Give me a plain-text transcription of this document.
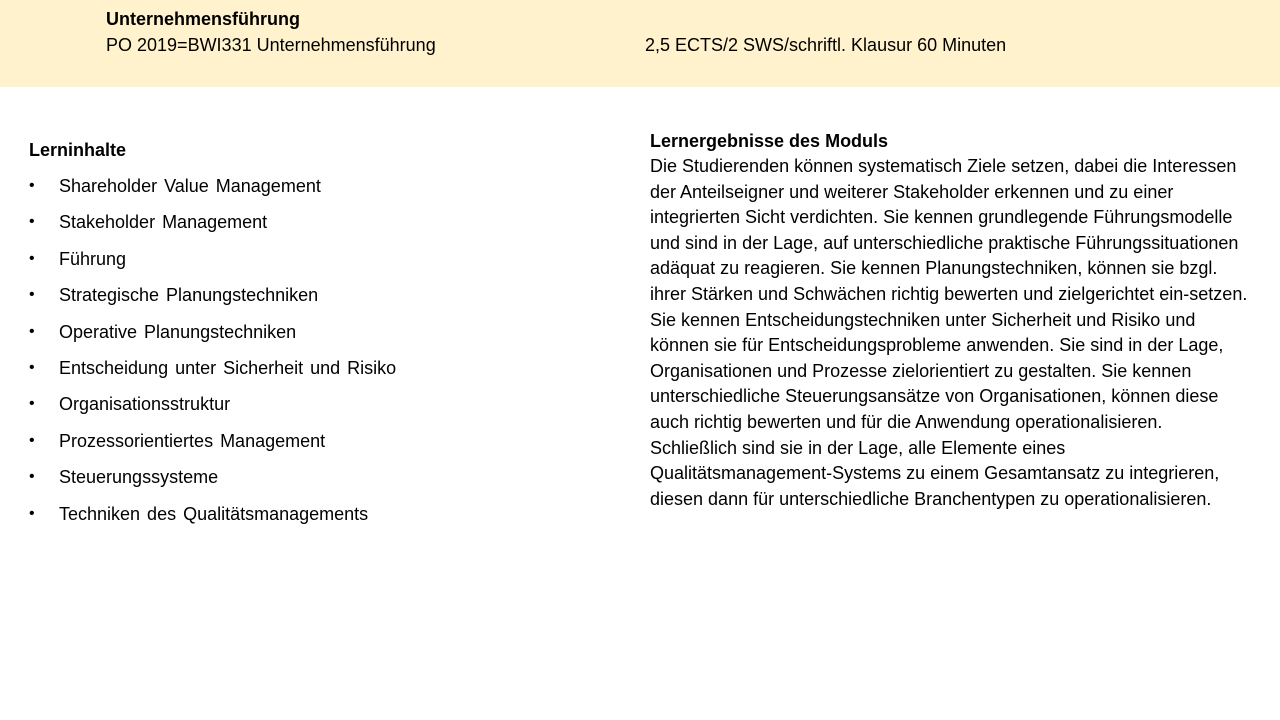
Unternehmensführung
PO 2019=BWI331 Unternehmensführung	2,5 ECTS/2 SWS/schriftl. Klausur 60 Minuten
Lerninhalte
• Shareholder Value Management
• Stakeholder Management
• Führung
• Strategische Planungstechniken
• Operative Planungstechniken
• Entscheidung unter Sicherheit und Risiko
• Organisationsstruktur
• Prozessorientiertes Management
• Steuerungssysteme
• Techniken des Qualitätsmanagements
Lernergebnisse des Moduls

Die Studierenden können systematisch Ziele setzen, dabei die Interessen der Anteilseigner und weiterer Stakeholder erkennen und zu einer integrierten Sicht verdichten. Sie kennen grundlegende Führungsmodelle und sind in der Lage, auf unterschiedliche praktische Führungssituationen adäquat zu reagieren. Sie kennen Planungstechniken, können sie bzgl. ihrer Stärken und Schwächen richtig bewerten und zielgerichtet ein-setzen. Sie kennen Entscheidungstechniken unter Sicherheit und Risiko und können sie für Entscheidungsprobleme anwenden. Sie sind in der Lage, Organisationen und Prozesse zielorientiert zu gestalten. Sie kennen unterschiedliche Steuerungsansätze von Organisationen, können diese auch richtig bewerten und für die Anwendung operationalisieren. Schließlich sind sie in der Lage, alle Elemente eines Qualitätsmanagement-Systems zu einem Gesamtansatz zu integrieren, diesen dann für unterschiedliche Branchentypen zu operationalisieren.
